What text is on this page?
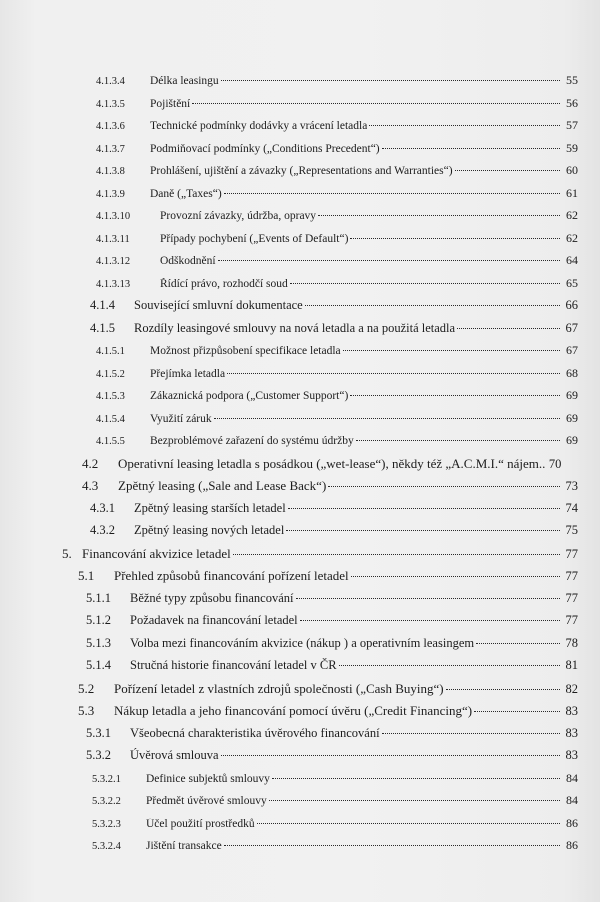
4.1.3.4	Délka leasingu	55
4.1.3.5	Pojištění	56
4.1.3.6	Technické podmínky dodávky a vrácení letadla	57
4.1.3.7	Podmiňovací podmínky („Conditions Precedent“)	59
4.1.3.8	Prohlášení, ujištění a závazky („Representations and Warranties“)	60
4.1.3.9	Daně („Taxes“)	61
4.1.3.10	Provozní závazky, údržba, opravy	62
4.1.3.11	Případy pochybení („Events of Default“)	62
4.1.3.12	Odškodnění	64
4.1.3.13	Řídící právo, rozhodčí soud	65
4.1.4	Související smluvní dokumentace	66
4.1.5	Rozdíly leasingové smlouvy na nová letadla a na použitá letadla	67
4.1.5.1	Možnost přizpůsobení specifikace letadla	67
4.1.5.2	Přejímka letadla	68
4.1.5.3	Zákaznická podpora („Customer Support“)	69
4.1.5.4	Využití záruk	69
4.1.5.5	Bezproblémové zařazení do systému údržby	69
4.2	Operativní leasing letadla s posádkou („wet-lease“), někdy též „A.C.M.I.“ nájem.. 70
4.3	Zpětný leasing („Sale and Lease Back“)	73
4.3.1	Zpětný leasing starších letadel	74
4.3.2	Zpětný leasing nových letadel	75
5. Financování akvizice letadel	77
5.1	Přehled způsobů financování pořízení letadel	77
5.1.1	Běžné typy způsobu financování	77
5.1.2	Požadavek na financování letadel	77
5.1.3	Volba mezi financováním akvizice (nákup ) a operativním leasingem	78
5.1.4	Stručná historie financování letadel v ČR	81
5.2	Pořízení letadel z vlastních zdrojů společnosti („Cash Buying“)	82
5.3	Nákup letadla a jeho financování pomocí úvěru („Credit Financing“)	83
5.3.1	Všeobecná charakteristika úvěrového financování	83
5.3.2	Úvěrová smlouva	83
5.3.2.1	Definice subjektů smlouvy	84
5.3.2.2	Předmět úvěrové smlouvy	84
5.3.2.3	Účel použití prostředků	86
5.3.2.4	Jištění transakce	86
